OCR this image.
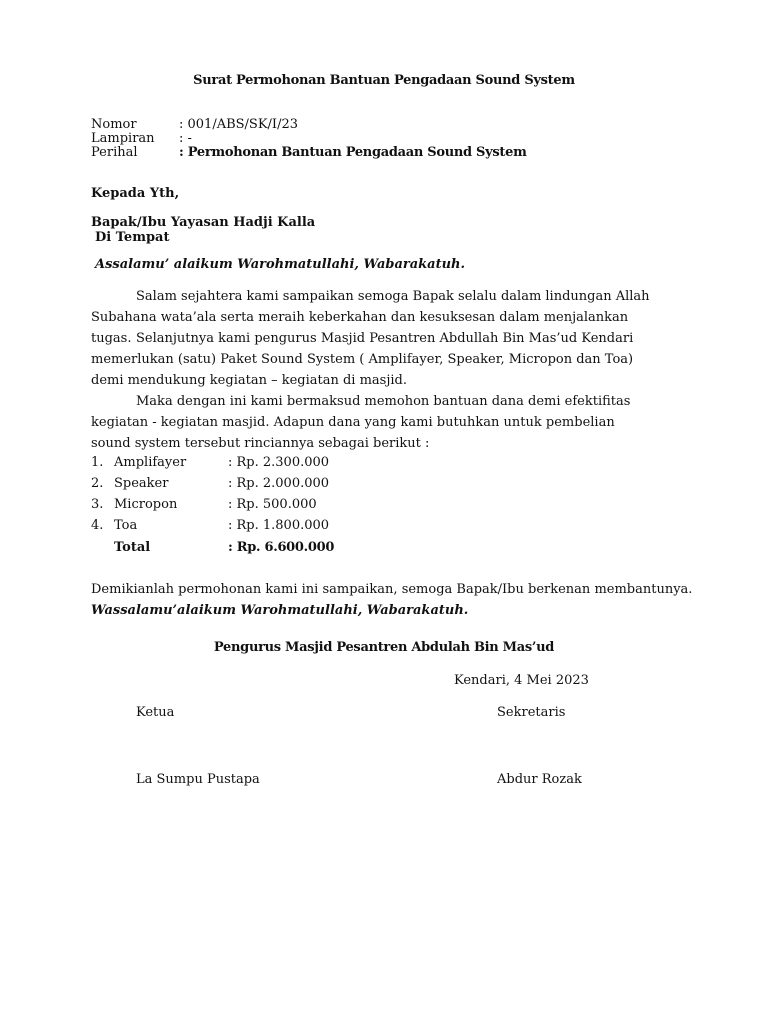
Surat Permohonan Bantuan Pengadaan Sound System
Nomor	: 001/ABS/SK/I/23
Lampiran : -
Perihal	: Permohonan Bantuan Pengadaan Sound System
Kepada Yth,
Bapak/Ibu Yayasan Hadji Kalla
Di Tempat
Assalamu’ alaikum Warohmatullahi, Wabarakatuh.
Salam sejahtera kami sampaikan semoga Bapak selalu dalam lindungan Allah Subahana wata’ala serta meraih keberkahan dan kesuksesan dalam menjalankan tugas. Selanjutnya kami pengurus Masjid Pesantren Abdullah Bin Mas’ud Kendari memerlukan (satu) Paket Sound System ( Amplifayer, Speaker, Micropon dan Toa) demi mendukung kegiatan – kegiatan di masjid.
Maka dengan ini kami bermaksud memohon bantuan dana demi efektifitas kegiatan - kegiatan masjid. Adapun dana yang kami butuhkan untuk pembelian sound system tersebut rinciannya sebagai berikut :
1. Amplifayer	: Rp. 2.300.000
2. Speaker	: Rp. 2.000.000
3. Micropon	: Rp. 500.000
4. Toa	: Rp. 1.800.000
Total	: Rp. 6.600.000
Demikianlah permohonan kami ini sampaikan, semoga Bapak/Ibu berkenan membantunya.
Wassalamu’alaikum Warohmatullahi, Wabarakatuh.
Pengurus Masjid Pesantren Abdulah Bin Mas’ud
Kendari, 4 Mei 2023
Ketua	Sekretaris
La Sumpu Pustapa	Abdur Rozak
